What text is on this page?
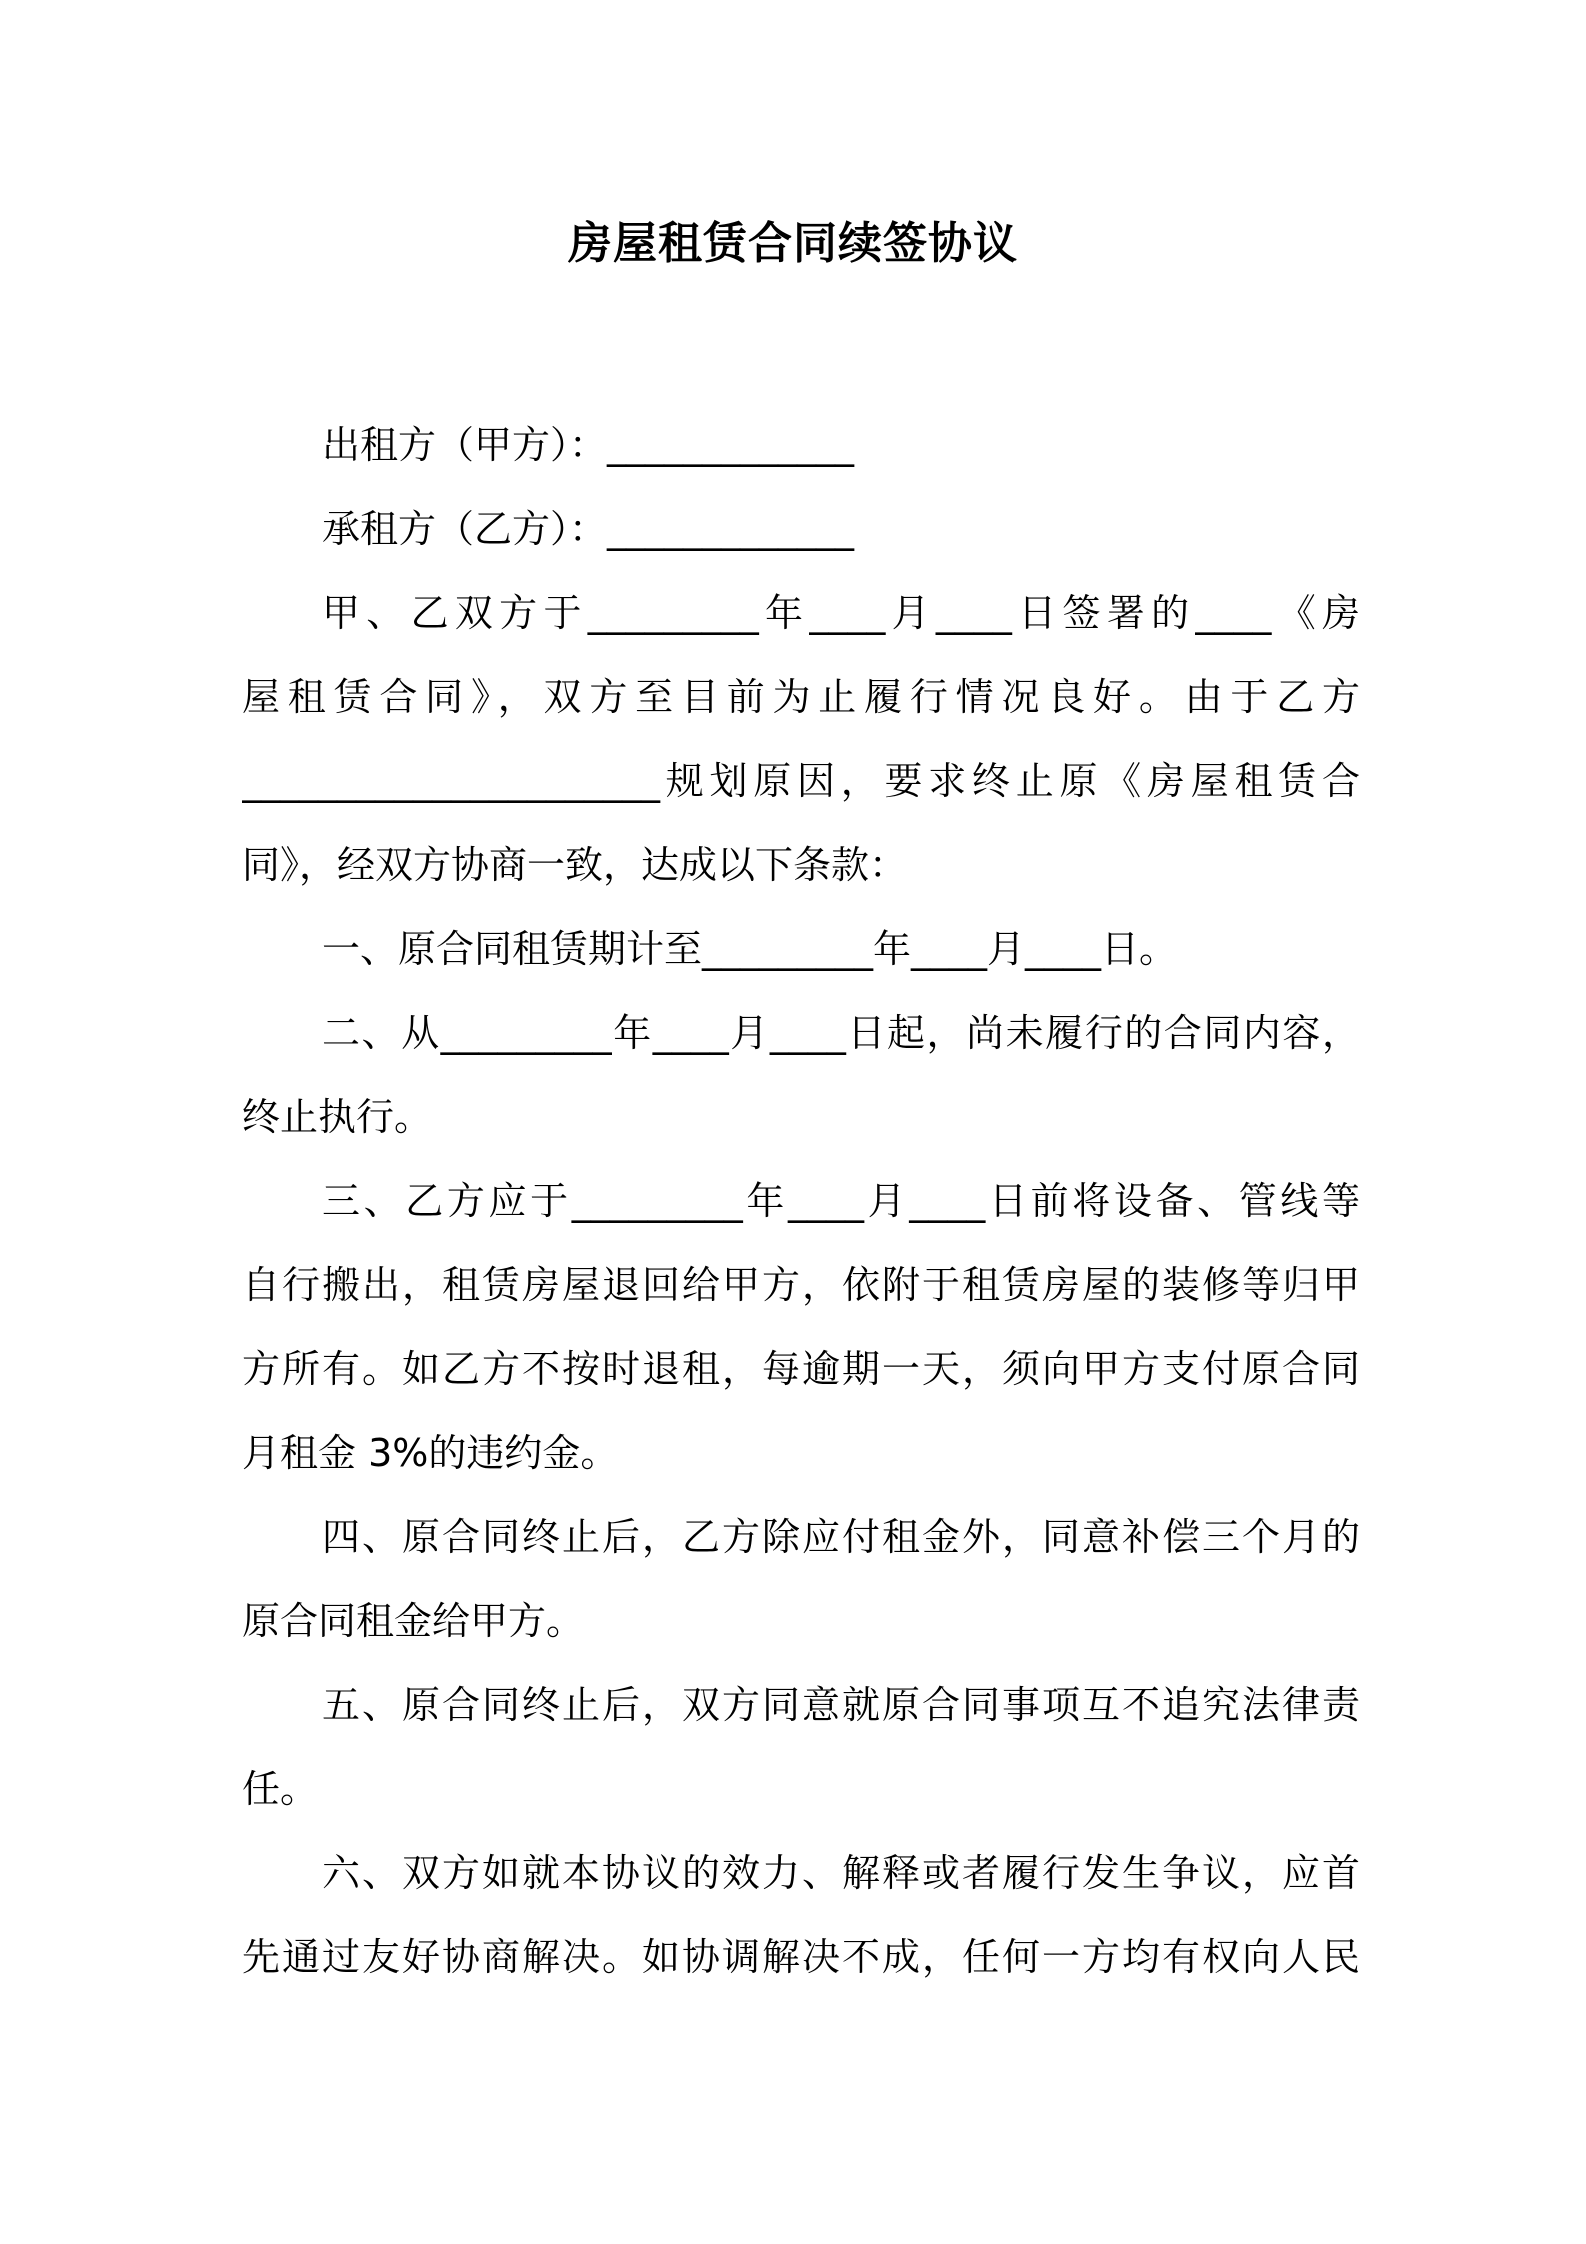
房屋租赁合同续签协议
出租方（甲方）：_____________
承租方（乙方）：_____________
甲、乙双方于_________年____月____日签署的____《房
屋租赁合同》，双方至目前为止履行情况良好。由于乙方
______________________规划原因，要求终止原《房屋租赁合
同》，经双方协商一致，达成以下条款：
一、原合同租赁期计至_________年____月____日。
二、从_________年____月____日起，尚未履行的合同内容，
终止执行。
三、乙方应于_________年____月____日前将设备、管线等
自行搬出，租赁房屋退回给甲方，依附于租赁房屋的装修等归甲
方所有。如乙方不按时退租，每逾期一天，须向甲方支付原合同
月租金 3%的违约金。
四、原合同终止后，乙方除应付租金外，同意补偿三个月的
原合同租金给甲方。
五、原合同终止后，双方同意就原合同事项互不追究法律责
任。
六、双方如就本协议的效力、解释或者履行发生争议，应首
先通过友好协商解决。如协调解决不成，任何一方均有权向人民
